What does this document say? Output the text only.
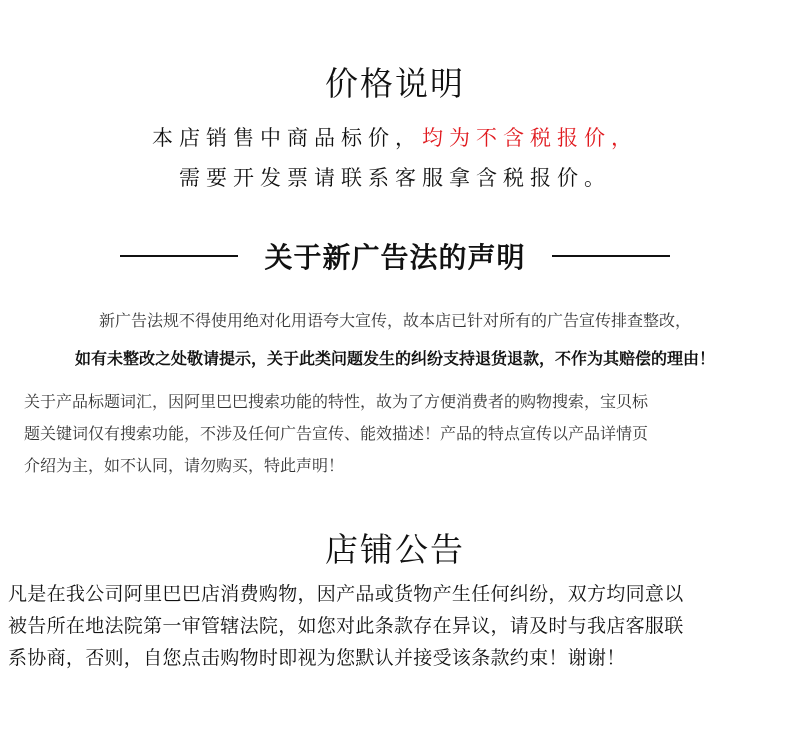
价格说明
本店销售中商品标价，均为不含税报价，
需要开发票请联系客服拿含税报价。
关于新广告法的声明
新广告法规不得使用绝对化用语夸大宣传，故本店已针对所有的广告宣传排查整改，
如有未整改之处敬请提示，关于此类问题发生的纠纷支持退货退款，不作为其赔偿的理由！
关于产品标题词汇，因阿里巴巴搜索功能的特性，故为了方便消费者的购物搜索，宝贝标
题关键词仅有搜索功能，不涉及任何广告宣传、能效描述！产品的特点宣传以产品详情页
介绍为主，如不认同，请勿购买，特此声明！
店铺公告
凡是在我公司阿里巴巴店消费购物，因产品或货物产生任何纠纷，双方均同意以
被告所在地法院第一审管辖法院，如您对此条款存在异议，请及时与我店客服联
系协商，否则，自您点击购物时即视为您默认并接受该条款约束！谢谢！
